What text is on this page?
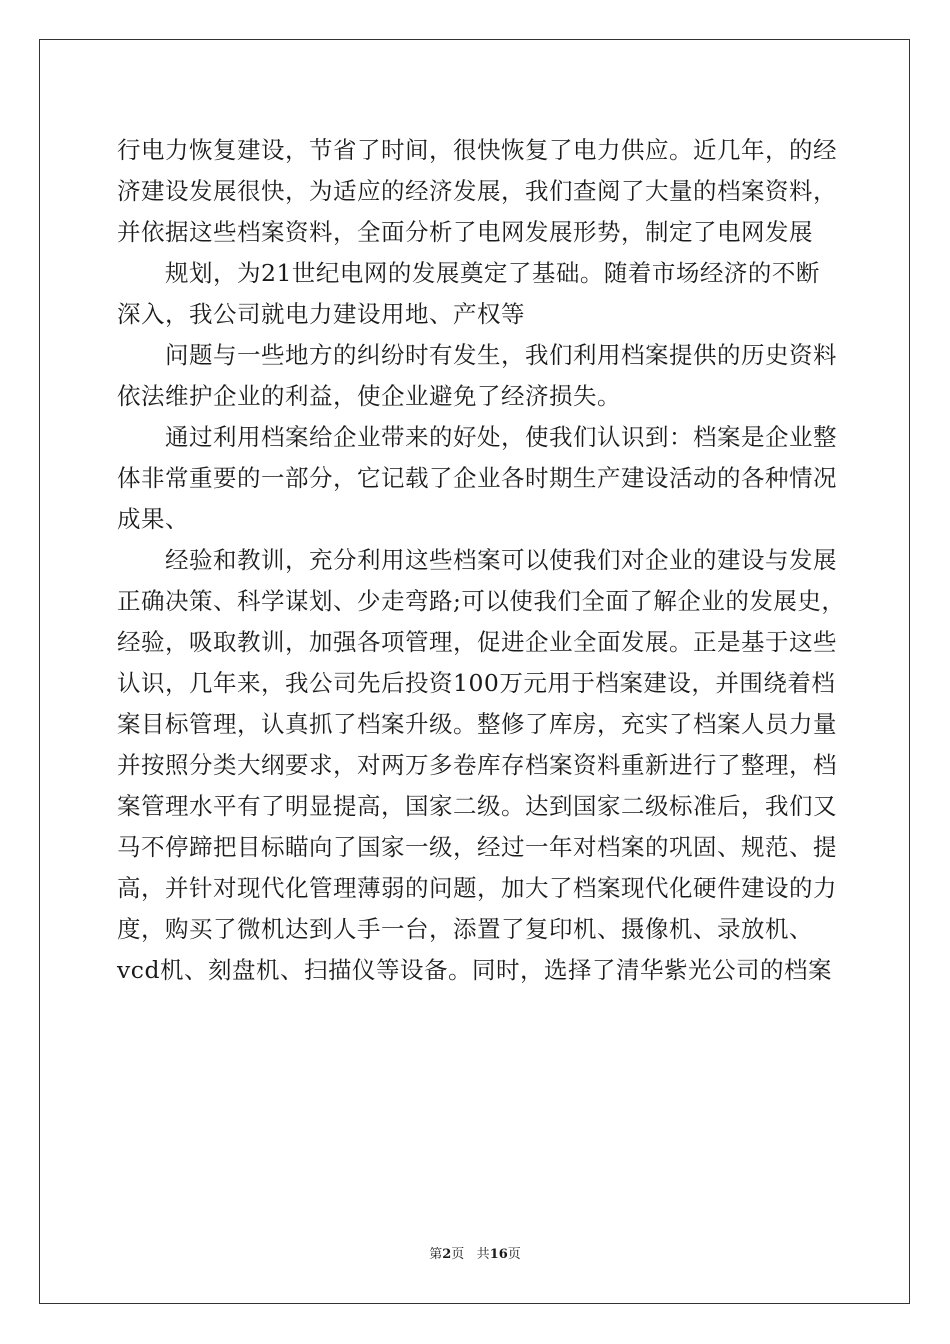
行电力恢复建设，节省了时间，很快恢复了电力供应。近几年，的经
济建设发展很快，为适应的经济发展，我们查阅了大量的档案资料，
并依据这些档案资料，全面分析了电网发展形势，制定了电网发展
规划，为21世纪电网的发展奠定了基础。随着市场经济的不断
深入，我公司就电力建设用地、产权等
问题与一些地方的纠纷时有发生，我们利用档案提供的历史资料
依法维护企业的利益，使企业避免了经济损失。
通过利用档案给企业带来的好处，使我们认识到：档案是企业整
体非常重要的一部分，它记载了企业各时期生产建设活动的各种情况
成果、
经验和教训，充分利用这些档案可以使我们对企业的建设与发展
正确决策、科学谋划、少走弯路;可以使我们全面了解企业的发展史，
经验，吸取教训，加强各项管理，促进企业全面发展。正是基于这些
认识，几年来，我公司先后投资100万元用于档案建设，并围绕着档
案目标管理，认真抓了档案升级。整修了库房，充实了档案人员力量
并按照分类大纲要求，对两万多卷库存档案资料重新进行了整理，档
案管理水平有了明显提高，国家二级。达到国家二级标准后，我们又
马不停蹄把目标瞄向了国家一级，经过一年对档案的巩固、规范、提
高，并针对现代化管理薄弱的问题，加大了档案现代化硬件建设的力
度，购买了微机达到人手一台，添置了复印机、摄像机、录放机、
vcd机、刻盘机、扫描仪等设备。同时，选择了清华紫光公司的档案
第2页 共16页
